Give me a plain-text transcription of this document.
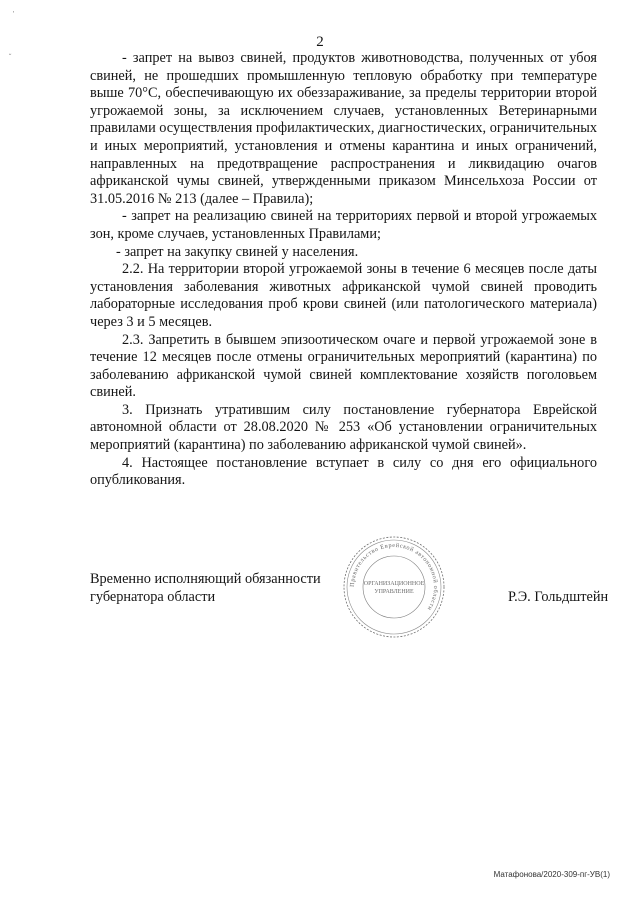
ˈ
ᵕ
2

- запрет на вывоз свиней, продуктов животноводства, полученных от убоя свиней, не прошедших промышленную тепловую обработку при температуре выше 70°С, обеспечивающую их обеззараживание, за пределы территории второй угрожаемой зоны, за исключением случаев, установленных Ветеринарными правилами осуществления профилактических, диагностических, ограничительных и иных мероприятий, установления и отмены карантина и иных ограничений, направленных на предотвращение распространения и ликвидацию очагов африканской чумы свиней, утвержденными приказом Минсельхоза России от 31.05.2016 № 213 (далее – Правила);

- запрет на реализацию свиней на территориях первой и второй угрожаемых зон, кроме случаев, установленных Правилами;

- запрет на закупку свиней у населения.

2.2. На территории второй угрожаемой зоны в течение 6 месяцев после даты установления заболевания животных африканской чумой свиней проводить лабораторные исследования проб крови свиней (или патологического материала) через 3 и 5 месяцев.

2.3. Запретить в бывшем эпизоотическом очаге и первой угрожаемой зоне в течение 12 месяцев после отмены ограничительных мероприятий (карантина) по заболеванию африканской чумой свиней комплектование хозяйств поголовьем свиней.

3. Признать утратившим силу постановление губернатора Еврейской автономной области от 28.08.2020 № 253 «Об установлении ограничительных мероприятий (карантина) по заболеванию африканской чумой свиней».

4. Настоящее постановление вступает в силу со дня его официального опубликования.

Временно исполняющий обязанности
губернатора области
Правительство Еврейской автономной области
ОРГАНИЗАЦИОННОЕ
УПРАВЛЕНИЕ	Р.Э. Гольдштейн
Матафонова/2020-309-пг-УВ(1)
